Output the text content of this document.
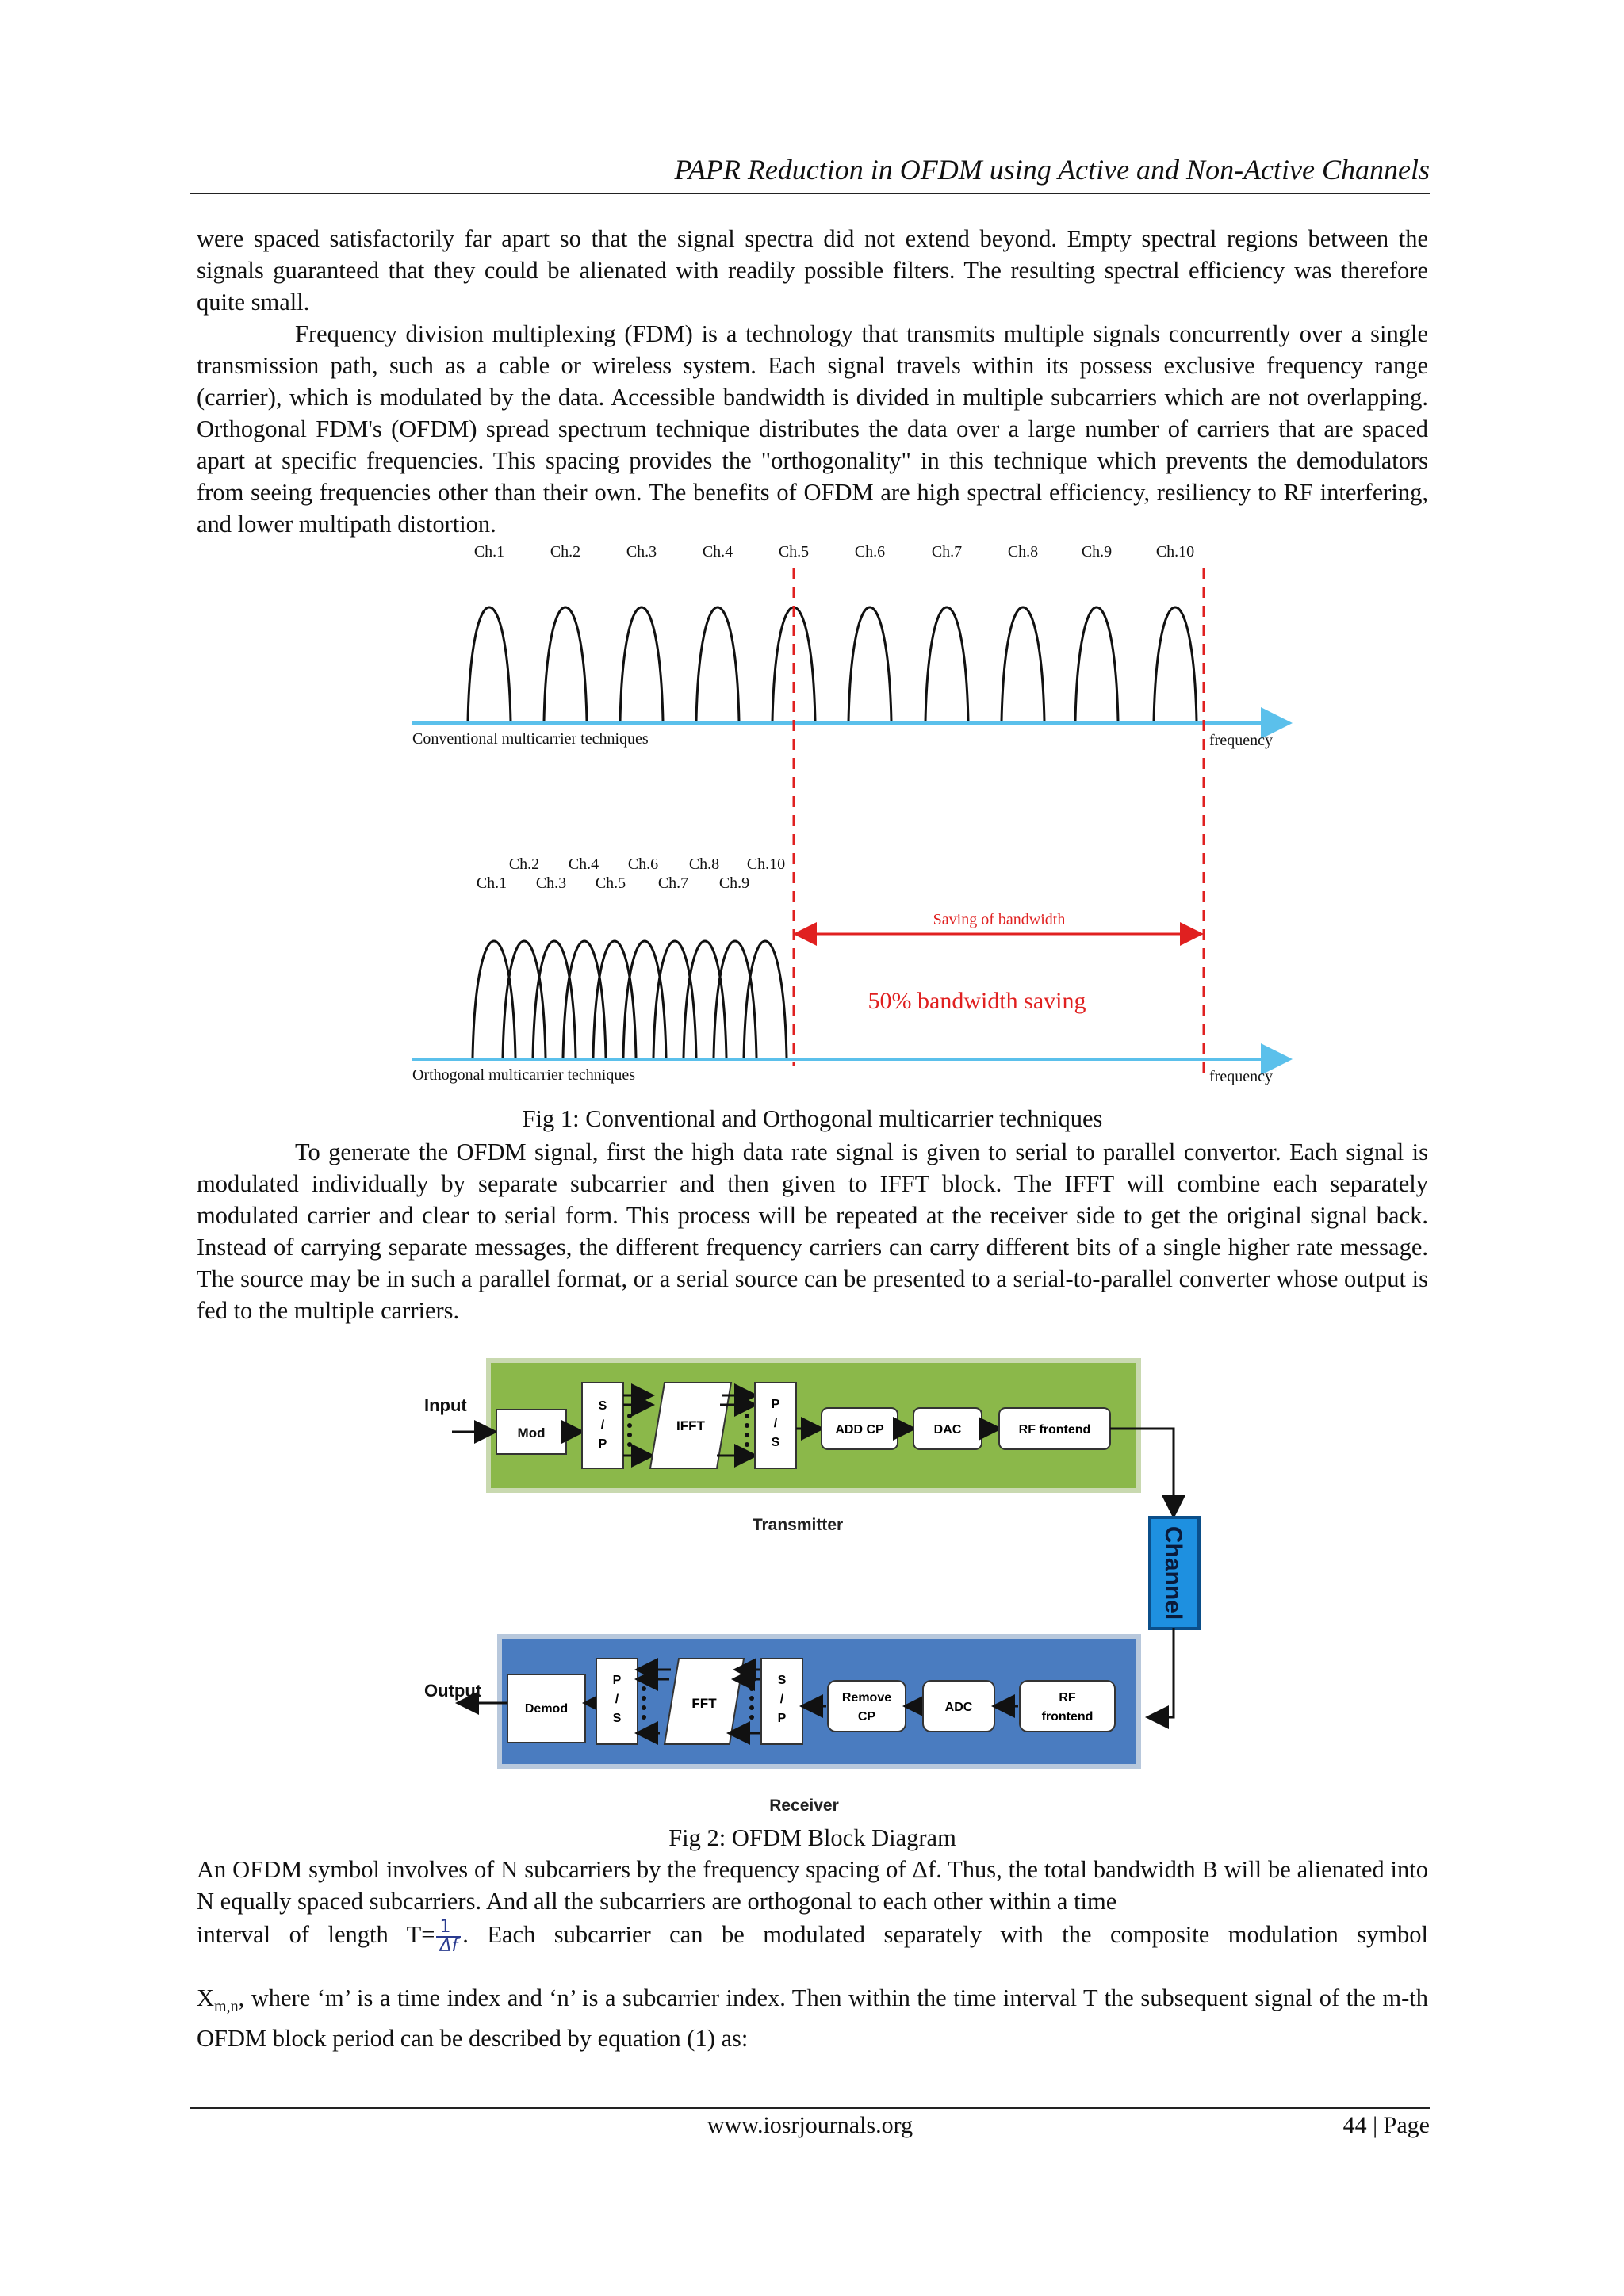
PAPR Reduction in OFDM using Active and Non-Active Channels

were spaced satisfactorily far apart so that the signal spectra did not extend beyond. Empty spectral regions between the signals guaranteed that they could be alienated with readily possible filters. The resulting spectral efficiency was therefore quite small.

Frequency division multiplexing (FDM) is a technology that transmits multiple signals concurrently over a single transmission path, such as a cable or wireless system. Each signal travels within its possess exclusive frequency range (carrier), which is modulated by the data. Accessible bandwidth is divided in multiple subcarriers which are not overlapping. Orthogonal FDM's (OFDM) spread spectrum technique distributes the data over a large number of carriers that are spaced apart at specific frequencies. This spacing provides the "orthogonality" in this technique which prevents the demodulators from seeing frequencies other than their own. The benefits of OFDM are high spectral efficiency, resiliency to RF interfering, and lower multipath distortion.

Ch.1	Ch.2	Ch.3	Ch.4	Ch.5	Ch.6	Ch.7	Ch.8	Ch.9	Ch.10
Conventional multicarrier techniques	frequency
Ch.2 Ch.4 Ch.6 Ch.8 Ch.10
Ch.1 Ch.3 Ch.5 Ch.7 Ch.9
Saving of bandwidth
50% bandwidth saving
Orthogonal multicarrier techniques	frequency
Fig 1: Conventional and Orthogonal multicarrier techniques

To generate the OFDM signal, first the high data rate signal is given to serial to parallel convertor. Each signal is modulated individually by separate subcarrier and then given to IFFT block. The IFFT will combine each separately modulated carrier and clear to serial form. This process will be repeated at the receiver side to get the original signal back. Instead of carrying separate messages, the different frequency carriers can carry different bits of a single higher rate message. The source may be in such a parallel format, or a serial source can be presented to a serial-to-parallel converter whose output is fed to the multiple carriers.

Input
Mod
S
/
P
IFFT
P
/
S
ADD CP	DAC	RF frontend
Transmitter
Channel
Demod
Output
P
/
S
FFT
S
/
P
Remove
CP
ADC
RF
frontend
Receiver
Fig 2: OFDM Block Diagram

An OFDM symbol involves of N subcarriers by the frequency spacing of Δf. Thus, the total bandwidth B will be alienated into N equally spaced subcarriers. And all the subcarriers are orthogonal to each other within a time

interval of length $T= \frac{1}{\Delta f}$ . Each subcarrier can be modulated separately with the composite modulation symbol

$X_{m,n}$, where ‘m’ is a time index and ‘n’ is a subcarrier index. Then within the time interval T the subsequent signal of the m-th OFDM block period can be described by equation (1) as:

www.iosrjournals.org	44 | Page
